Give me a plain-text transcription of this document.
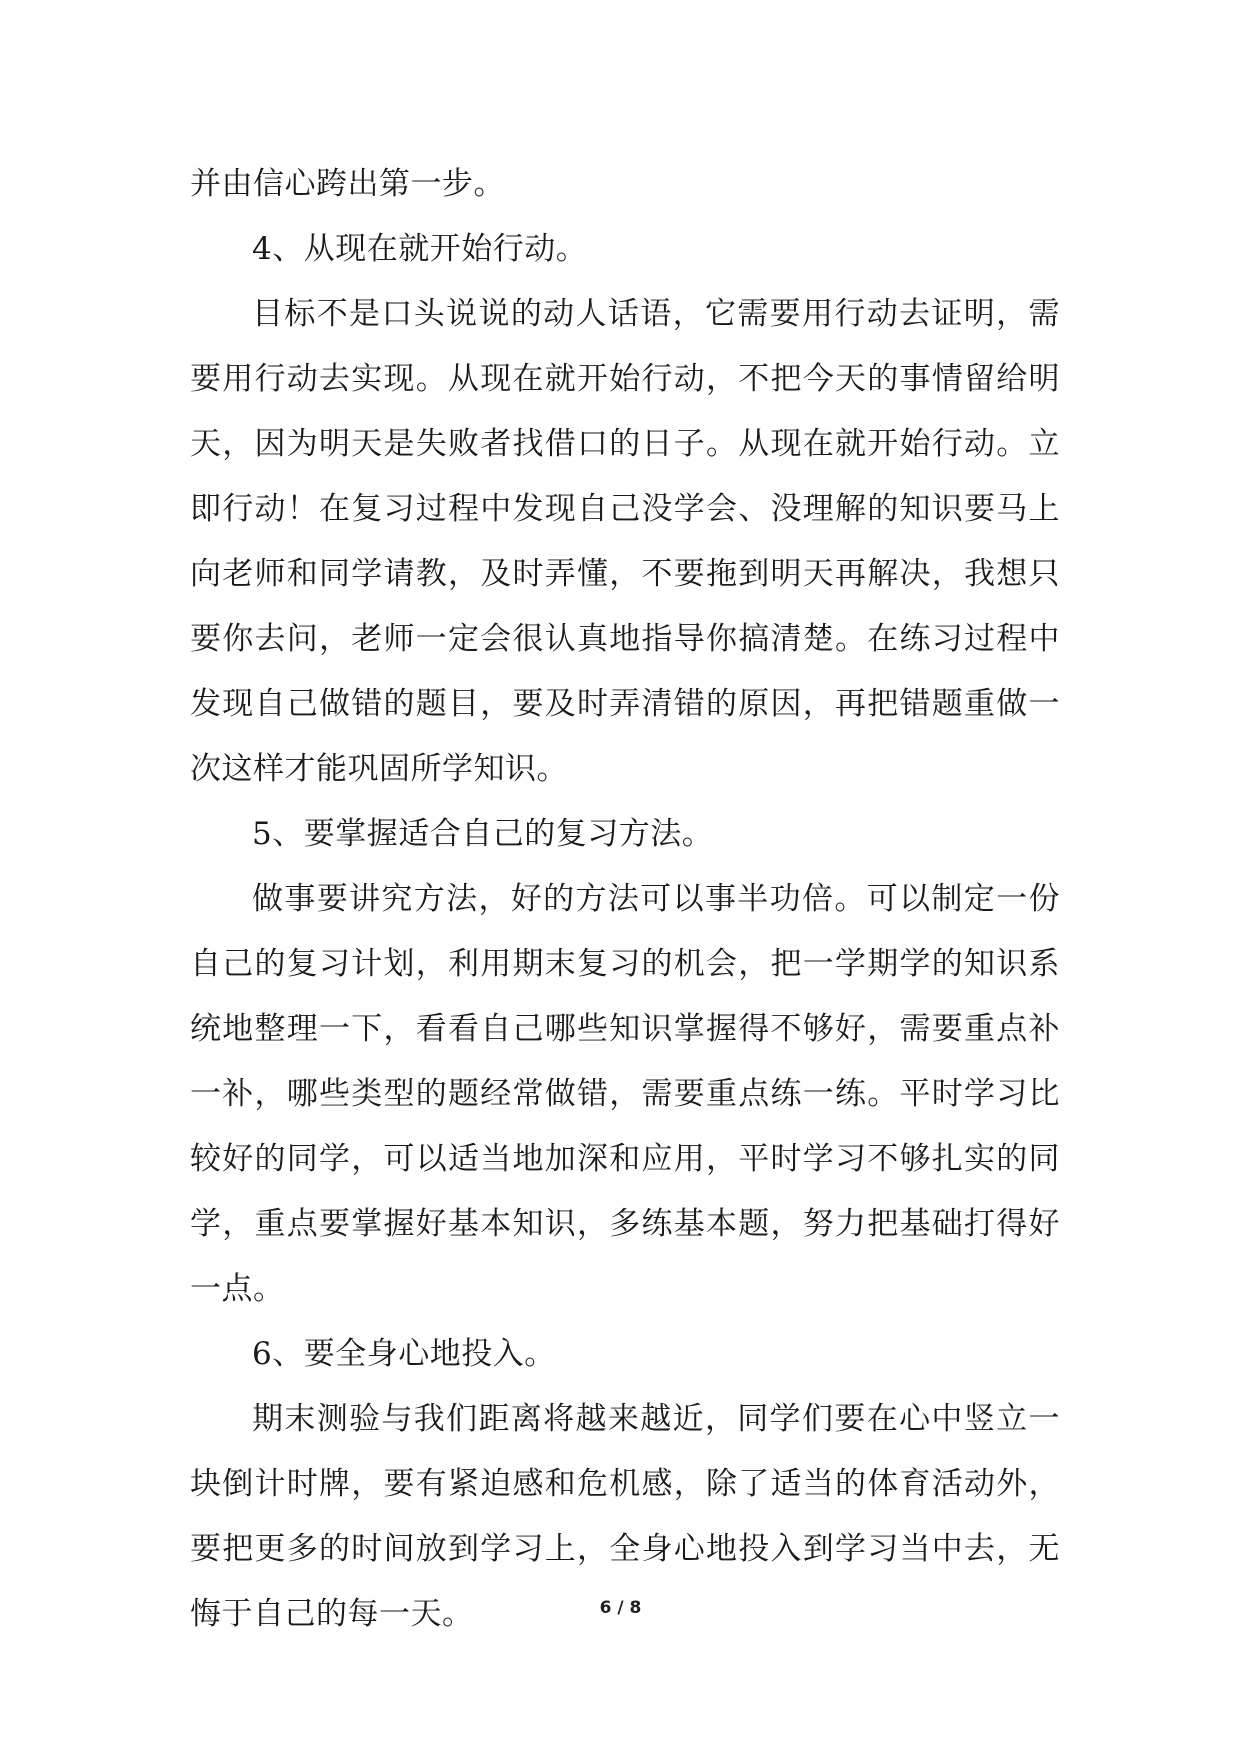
并由信心跨出第一步。

4、从现在就开始行动。

目标不是口头说说的动人话语，它需要用行动去证明，需要用行动去实现。从现在就开始行动，不把今天的事情留给明天，因为明天是失败者找借口的日子。从现在就开始行动。立即行动！在复习过程中发现自己没学会、没理解的知识要马上向老师和同学请教，及时弄懂，不要拖到明天再解决，我想只要你去问，老师一定会很认真地指导你搞清楚。在练习过程中发现自己做错的题目，要及时弄清错的原因，再把错题重做一次这样才能巩固所学知识。

5、要掌握适合自己的复习方法。

做事要讲究方法，好的方法可以事半功倍。可以制定一份自己的复习计划，利用期末复习的机会，把一学期学的知识系统地整理一下，看看自己哪些知识掌握得不够好，需要重点补一补，哪些类型的题经常做错，需要重点练一练。平时学习比较好的同学，可以适当地加深和应用，平时学习不够扎实的同学，重点要掌握好基本知识，多练基本题，努力把基础打得好一点。

6、要全身心地投入。

期末测验与我们距离将越来越近，同学们要在心中竖立一块倒计时牌，要有紧迫感和危机感，除了适当的体育活动外，要把更多的时间放到学习上，全身心地投入到学习当中去，无悔于自己的每一天。	6 / 8
